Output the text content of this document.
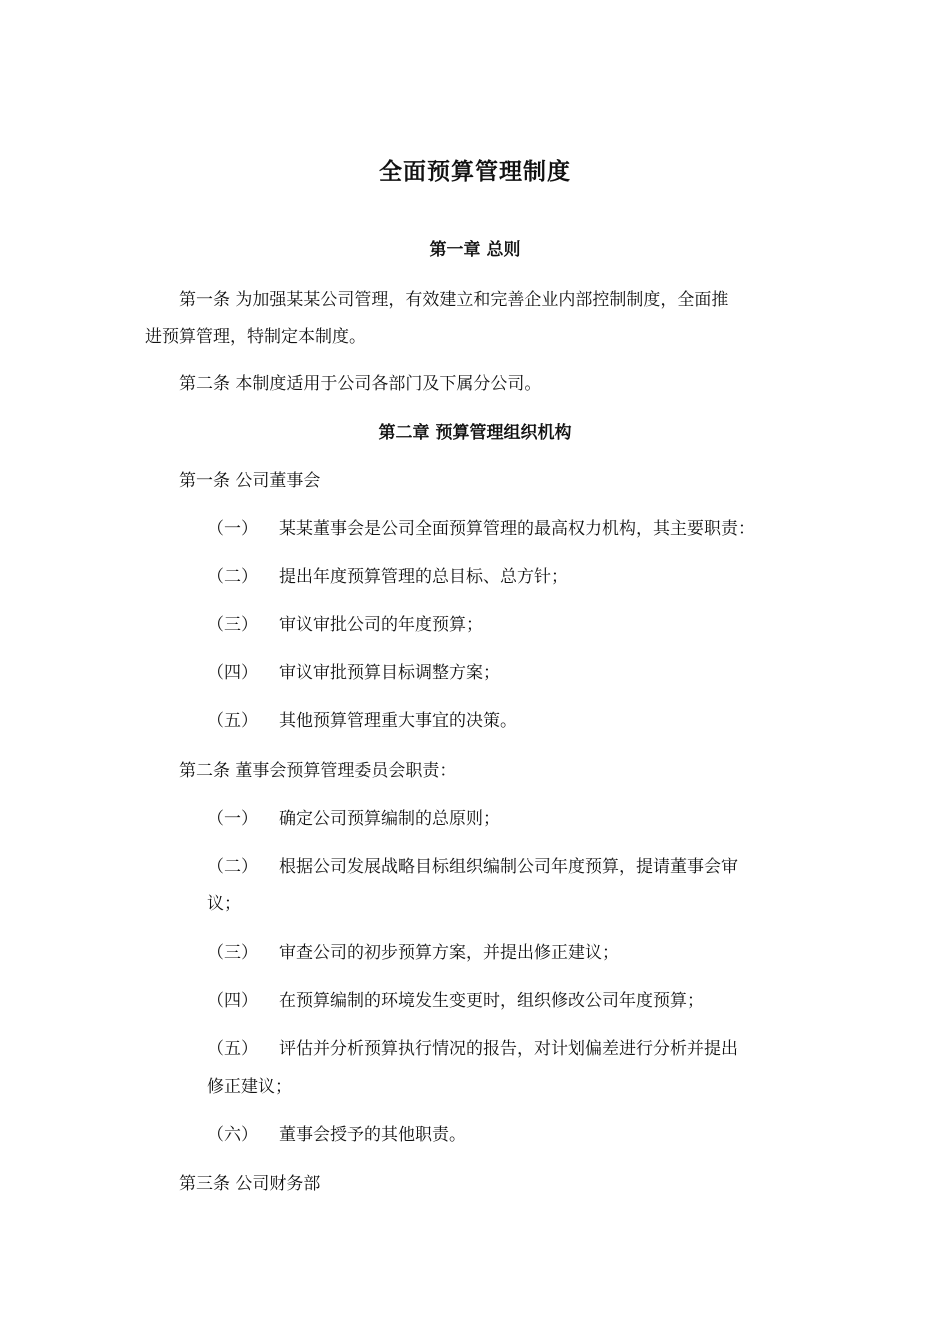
全面预算管理制度
第一章 总则
第一条 为加强某某公司管理，有效建立和完善企业内部控制制度，全面推
进预算管理，特制定本制度。
第二条 本制度适用于公司各部门及下属分公司。
第二章 预算管理组织机构
第一条 公司董事会
（一） 某某董事会是公司全面预算管理的最高权力机构，其主要职责：
（二） 提出年度预算管理的总目标、总方针；
（三） 审议审批公司的年度预算；
（四） 审议审批预算目标调整方案；
（五） 其他预算管理重大事宜的决策。
第二条 董事会预算管理委员会职责：
（一） 确定公司预算编制的总原则；
（二） 根据公司发展战略目标组织编制公司年度预算，提请董事会审
议；
（三） 审查公司的初步预算方案，并提出修正建议；
（四） 在预算编制的环境发生变更时，组织修改公司年度预算；
（五） 评估并分析预算执行情况的报告，对计划偏差进行分析并提出
修正建议；
（六） 董事会授予的其他职责。
第三条 公司财务部
